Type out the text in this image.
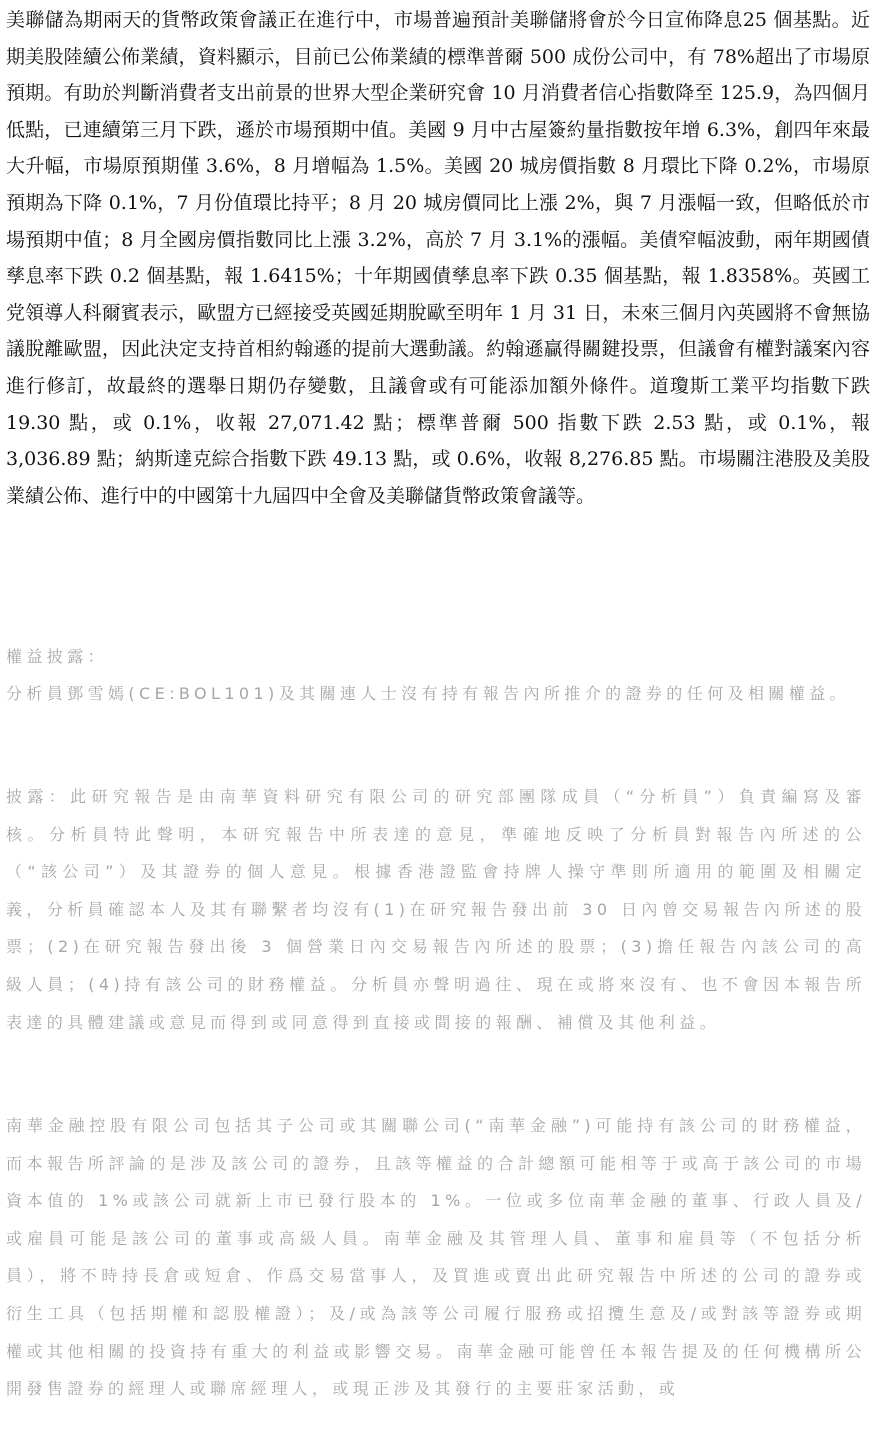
美聯儲為期兩天的貨幣政策會議正在進行中，市場普遍預計美聯儲將會於今日宣佈降息25 個基點。近期美股陸續公佈業績，資料顯示，目前已公佈業績的標準普爾 500 成份公司中，有 78%超出了市場原預期。有助於判斷消費者支出前景的世界大型企業研究會 10 月消費者信心指數降至 125.9，為四個月低點，已連續第三月下跌，遜於市場預期中值。美國 9 月中古屋簽約量指數按年增 6.3%，創四年來最大升幅，市場原預期僅 3.6%，8 月增幅為 1.5%。美國 20 城房價指數 8 月環比下降 0.2%，市場原預期為下降 0.1%，7 月份值環比持平；8 月 20 城房價同比上漲 2%，與 7 月漲幅一致，但略低於市場預期中值；8 月全國房價指數同比上漲 3.2%，高於 7 月 3.1%的漲幅。美債窄幅波動，兩年期國債孳息率下跌 0.2 個基點，報 1.6415%；十年期國債孳息率下跌 0.35 個基點，報 1.8358%。英國工党領導人科爾賓表示，歐盟方已經接受英國延期脫歐至明年 1 月 31 日，未來三個月內英國將不會無協議脫離歐盟，因此決定支持首相約翰遜的提前大選動議。約翰遜贏得關鍵投票，但議會有權對議案內容進行修訂，故最終的選舉日期仍存變數，且議會或有可能添加額外條件。道瓊斯工業平均指數下跌 19.30 點，或 0.1%，收報 27,071.42 點；標準普爾 500 指數下跌 2.53 點，或 0.1%，報 3,036.89 點；納斯達克綜合指數下跌 49.13 點，或 0.6%，收報 8,276.85 點。市場關注港股及美股業績公佈、進行中的中國第十九屆四中全會及美聯儲貨幣政策會議等。

權益披露：

分析員鄧雪嫣(CE:BOL101)及其關連人士沒有持有報告內所推介的證券的任何及相關權益。

披露：此研究報告是由南華資料研究有限公司的研究部團隊成員（“分析員”）負責編寫及審核。分析員特此聲明，本研究報告中所表達的意見，準確地反映了分析員對報告內所述的公（“該公司”）及其證券的個人意見。根據香港證監會持牌人操守準則所適用的範圍及相關定義，分析員確認本人及其有聯繫者均沒有(1)在研究報告發出前 30 日內曾交易報告內所述的股票；(2)在研究報告發出後 3 個營業日內交易報告內所述的股票；(3)擔任報告內該公司的高級人員；(4)持有該公司的財務權益。分析員亦聲明過往、現在或將來沒有、也不會因本報告所表達的具體建議或意見而得到或同意得到直接或間接的報酬、補償及其他利益。

南華金融控股有限公司包括其子公司或其關聯公司(“南華金融”)可能持有該公司的財務權益，而本報告所評論的是涉及該公司的證券，且該等權益的合計總額可能相等于或高于該公司的市場資本值的 1%或該公司就新上市已發行股本的 1%。一位或多位南華金融的董事、行政人員及/或雇員可能是該公司的董事或高級人員。南華金融及其管理人員、董事和雇員等（不包括分析員），將不時持長倉或短倉、作爲交易當事人，及買進或賣出此研究報告中所述的公司的證券或衍生工具（包括期權和認股權證）；及/或為該等公司履行服務或招攬生意及/或對該等證券或期權或其他相關的投資持有重大的利益或影響交易。南華金融可能曾任本報告提及的任何機構所公開發售證券的經理人或聯席經理人，或現正涉及其發行的主要莊家活動，或
